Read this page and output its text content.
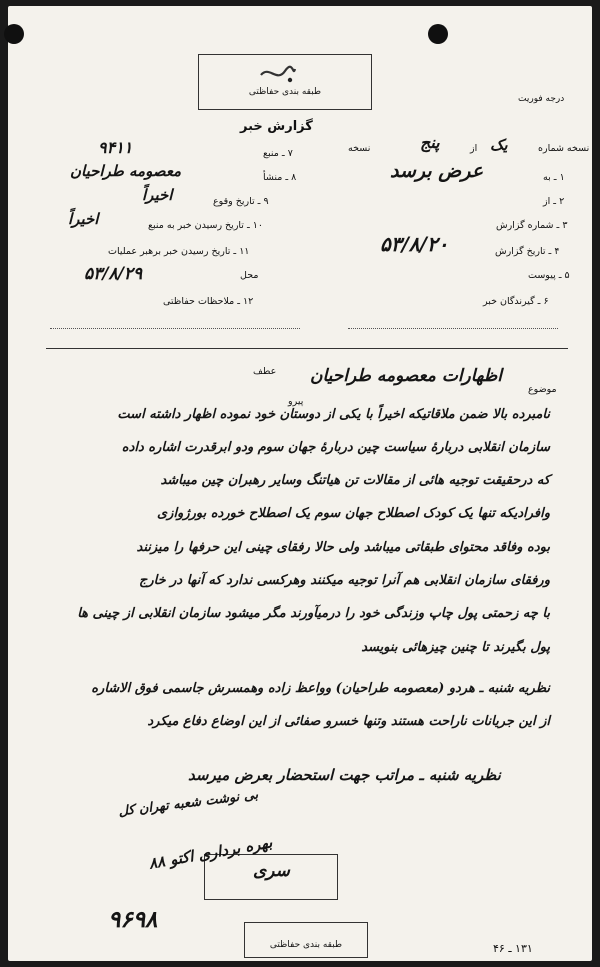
طبقه بندی حفاظتی
درجه فوریت
گزارش خبر
نسخه شماره
یک
از
پنج
نسخه
۱ ـ به
عرض برسد
۲ ـ از
۳ ـ شماره گزارش
۴ ـ تاریخ گزارش
۵۳/۸/۲۰
۵ ـ پیوست
۶ ـ گیرندگان خبر
۷ ـ منبع
۹۴۱۱
۸ ـ منشأ
معصومه طراحیان
۹ ـ تاریخ وقوع
اخیراً
۱۰ ـ تاریخ رسیدن خبر به منبع
اخیراً
۱۱ ـ تاریخ رسیدن خبر برهبر عملیات
۵۳/۸/۲۹	محل
۱۲ ـ ملاحظات حفاظتی
موضوع
اظهارات معصومه طراحیان
عطف
پیرو
نامبرده بالا ضمن ملاقاتیکه اخیراً با یکی از دوستان خود نموده اظهار داشته است
سازمان انقلابی دربارهٔ سیاست چین دربارهٔ جهان سوم ودو ابرقدرت اشاره داده
که درحقیقت توجیه هائی از مقالات تن هیاتنگ وسایر رهبران چین میباشد
وافرادیکه تنها یک کودک اصطلاح جهان سوم یک اصطلاح خورده بورژوازی
بوده وفاقد محتوای طبقاتی میباشد ولی حالا رفقای چینی این حرفها را میزنند
ورفقای سازمان انقلابی هم آنرا توجیه میکنند وهرکسی ندارد که آنها در خارج
با چه زحمتی پول چاپ وزندگی خود را درمیآورند مگر میشود سازمان انقلابی از چینی ها
پول بگیرند تا چنین چیزهائی بنویسد
نظریه شنبه ـ هردو (معصومه طراحیان) وواعظ زاده وهمسرش جاسمی فوق الاشاره
از این جریانات ناراحت هستند وتنها خسرو صفائی از این اوضاع دفاع میکرد
نظریه شنبه ـ مراتب جهت استحضار بعرض میرسد
بی نوشت شعبه تهران کل
سری
بهره برداری اکتو ۸۸
۹۶۹۸
طبقه بندی حفاظتی	۱۳۱ ـ ۴۶
